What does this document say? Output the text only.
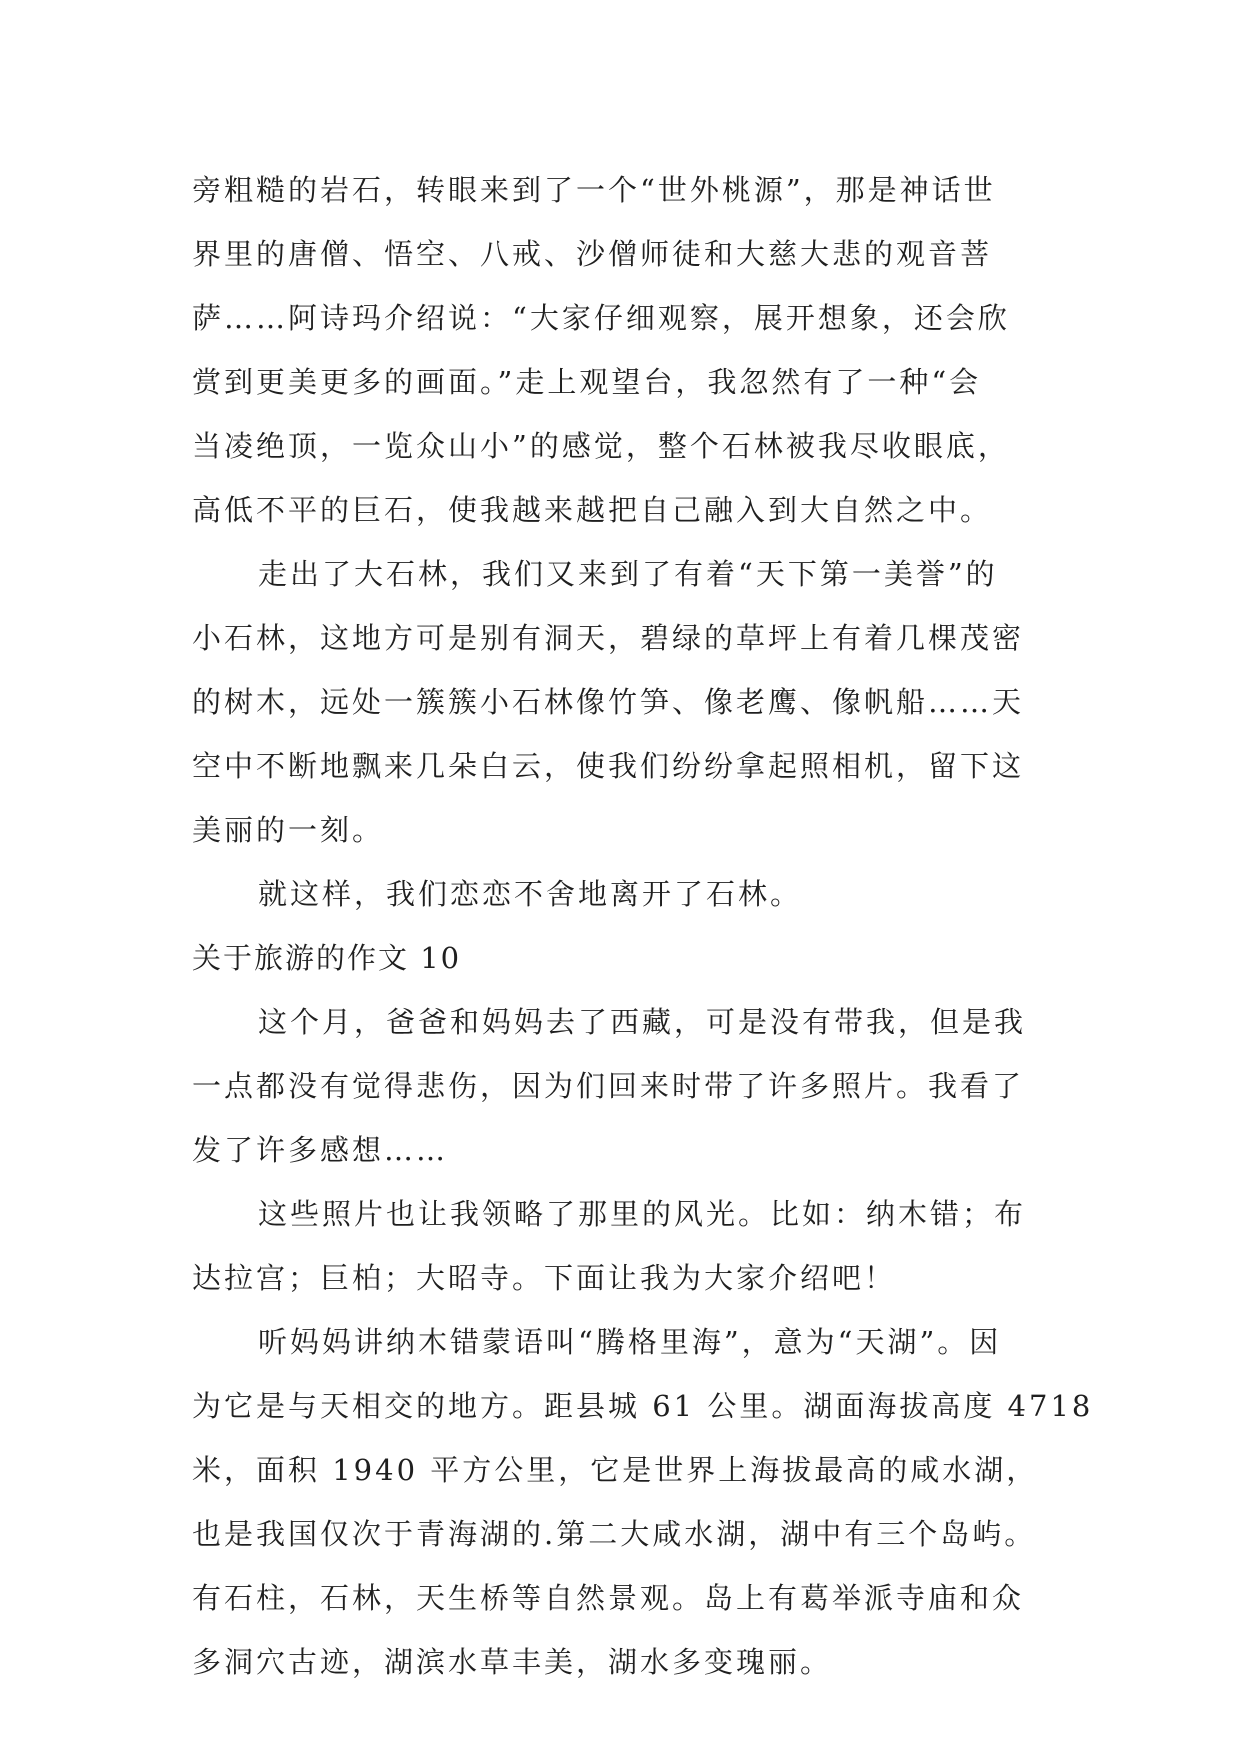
旁粗糙的岩石，转眼来到了一个“世外桃源”，那是神话世
界里的唐僧、悟空、八戒、沙僧师徒和大慈大悲的观音菩
萨……阿诗玛介绍说：“大家仔细观察，展开想象，还会欣
赏到更美更多的画面。”走上观望台，我忽然有了一种“会
当凌绝顶，一览众山小”的感觉，整个石林被我尽收眼底，
高低不平的巨石，使我越来越把自己融入到大自然之中。
走出了大石林，我们又来到了有着“天下第一美誉”的
小石林，这地方可是别有洞天，碧绿的草坪上有着几棵茂密
的树木，远处一簇簇小石林像竹笋、像老鹰、像帆船……天
空中不断地飘来几朵白云，使我们纷纷拿起照相机，留下这
美丽的一刻。
就这样，我们恋恋不舍地离开了石林。
关于旅游的作文 10
这个月，爸爸和妈妈去了西藏，可是没有带我，但是我
一点都没有觉得悲伤，因为们回来时带了许多照片。我看了
发了许多感想……
这些照片也让我领略了那里的风光。比如：纳木错；布
达拉宫；巨柏；大昭寺。下面让我为大家介绍吧！
听妈妈讲纳木错蒙语叫“腾格里海”，意为“天湖”。因
为它是与天相交的地方。距县城 61 公里。湖面海拔高度 4718
米，面积 1940 平方公里，它是世界上海拔最高的咸水湖，
也是我国仅次于青海湖的.第二大咸水湖，湖中有三个岛屿。
有石柱，石林，天生桥等自然景观。岛上有葛举派寺庙和众
多洞穴古迹，湖滨水草丰美，湖水多变瑰丽。
